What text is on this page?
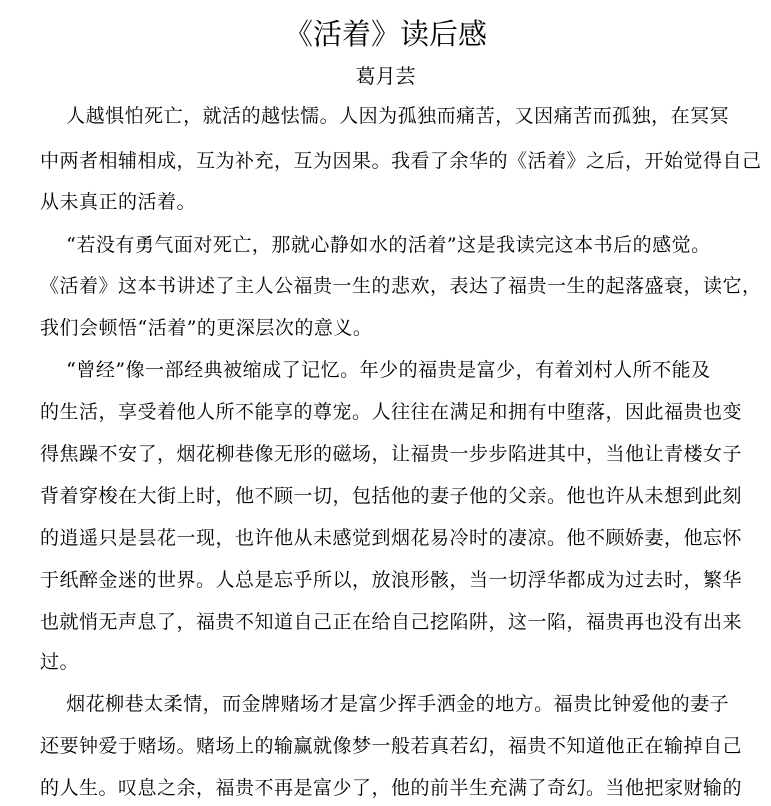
《活着》读后感
葛月芸
人越惧怕死亡，就活的越怯懦。人因为孤独而痛苦，又因痛苦而孤独，在冥冥
中两者相辅相成，互为补充，互为因果。我看了余华的《活着》之后，开始觉得自己
从未真正的活着。
“若没有勇气面对死亡，那就心静如水的活着”这是我读完这本书后的感觉。
《活着》这本书讲述了主人公福贵一生的悲欢，表达了福贵一生的起落盛衰，读它，
我们会顿悟“活着”的更深层次的意义。
“曾经”像一部经典被缩成了记忆。年少的福贵是富少，有着刘村人所不能及
的生活，享受着他人所不能享的尊宠。人往往在满足和拥有中堕落，因此福贵也变
得焦躁不安了，烟花柳巷像无形的磁场，让福贵一步步陷进其中，当他让青楼女子
背着穿梭在大街上时，他不顾一切，包括他的妻子他的父亲。他也许从未想到此刻
的逍遥只是昙花一现，也许他从未感觉到烟花易冷时的凄凉。他不顾娇妻，他忘怀
于纸醉金迷的世界。人总是忘乎所以，放浪形骸，当一切浮华都成为过去时，繁华
也就悄无声息了，福贵不知道自己正在给自己挖陷阱，这一陷，福贵再也没有出来
过。
烟花柳巷太柔情，而金牌赌场才是富少挥手洒金的地方。福贵比钟爱他的妻子
还要钟爱于赌场。赌场上的输赢就像梦一般若真若幻，福贵不知道他正在输掉自己
的人生。叹息之余，福贵不再是富少了，他的前半生充满了奇幻。当他把家财输的
